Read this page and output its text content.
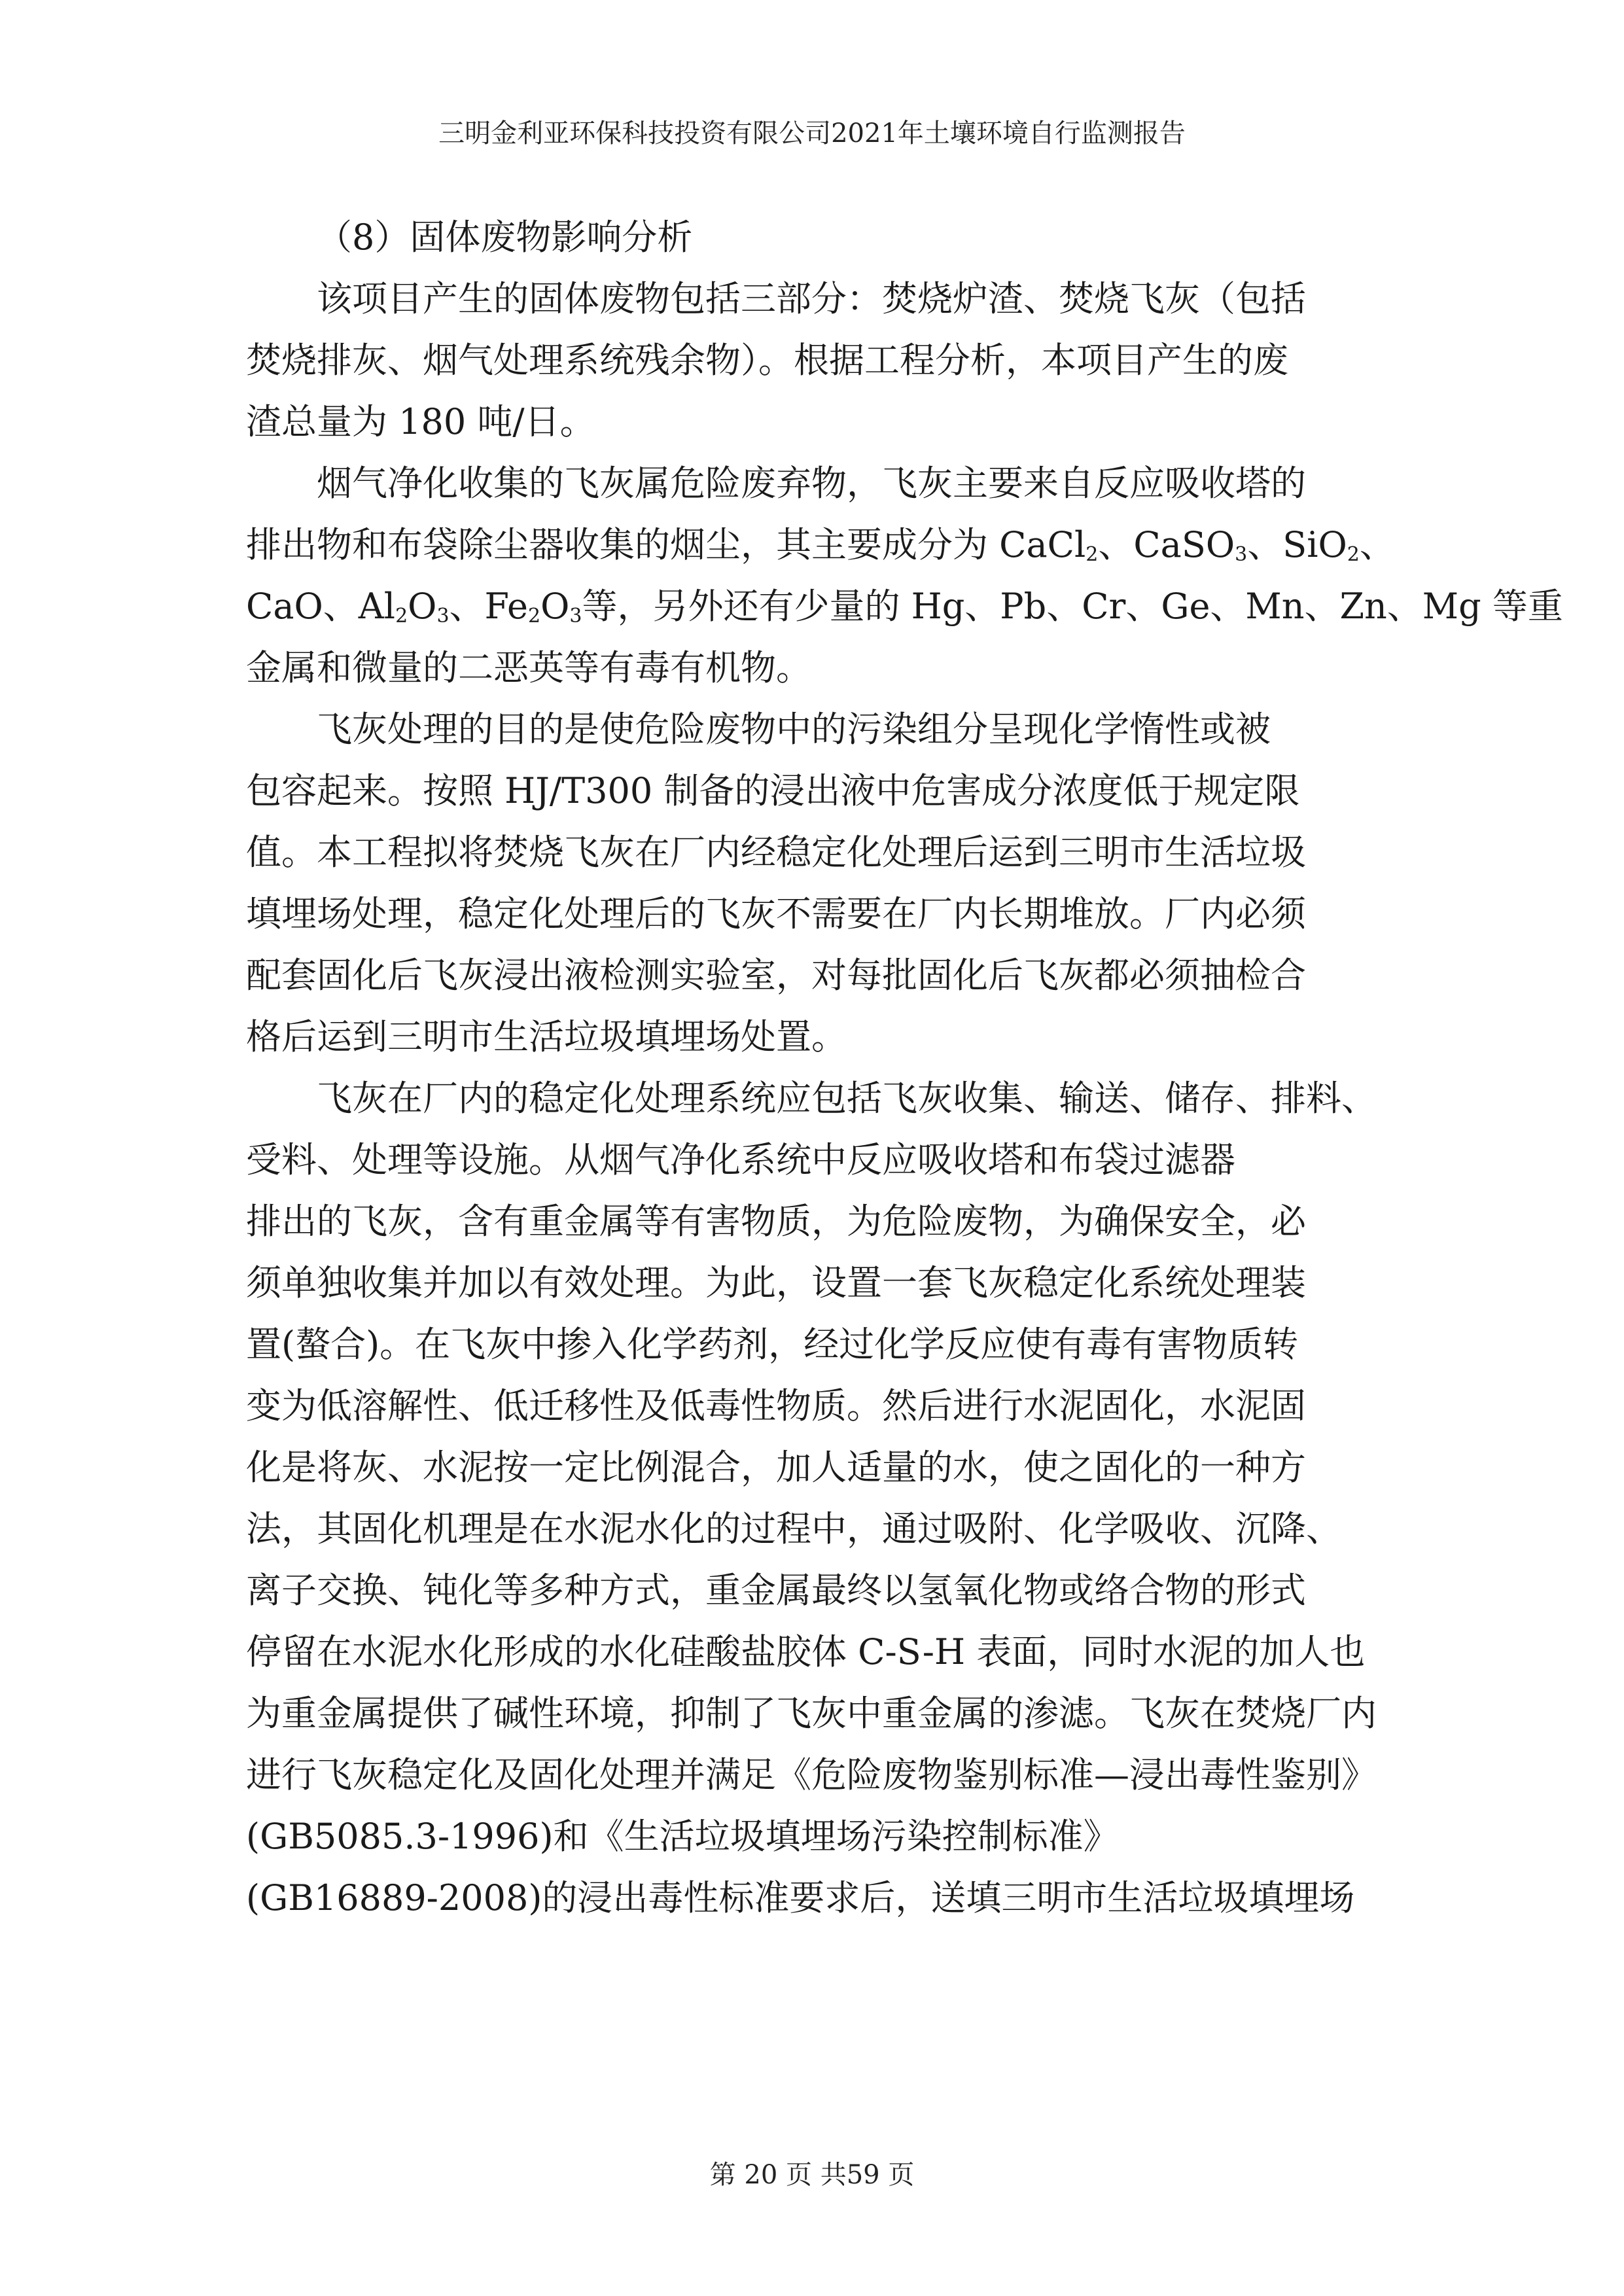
三明金利亚环保科技投资有限公司2021年土壤环境自行监测报告
（8）固体废物影响分析
该项目产生的固体废物包括三部分：焚烧炉渣、焚烧飞灰（包括
焚烧排灰、烟气处理系统残余物）。根据工程分析，本项目产生的废
渣总量为 180 吨/日。
烟气净化收集的飞灰属危险废弃物，飞灰主要来自反应吸收塔的
排出物和布袋除尘器收集的烟尘，其主要成分为 CaCl$_2$、CaSO$_3$、SiO$_2$、
CaO、$Al_2O_3$、$Fe_2O_3$等，另外还有少量的 Hg、Pb、Cr、Ge、Mn、Zn、Mg 等重
金属和微量的二恶英等有毒有机物。
飞灰处理的目的是使危险废物中的污染组分呈现化学惰性或被
包容起来。按照 HJ/T300 制备的浸出液中危害成分浓度低于规定限
值。本工程拟将焚烧飞灰在厂内经稳定化处理后运到三明市生活垃圾
填埋场处理，稳定化处理后的飞灰不需要在厂内长期堆放。厂内必须
配套固化后飞灰浸出液检测实验室，对每批固化后飞灰都必须抽检合
格后运到三明市生活垃圾填埋场处置。
飞灰在厂内的稳定化处理系统应包括飞灰收集、输送、储存、排料、
受料、处理等设施。从烟气净化系统中反应吸收塔和布袋过滤器
排出的飞灰，含有重金属等有害物质，为危险废物，为确保安全，必
须单独收集并加以有效处理。为此，设置一套飞灰稳定化系统处理装
置(螯合)。在飞灰中掺入化学药剂，经过化学反应使有毒有害物质转
变为低溶解性、低迁移性及低毒性物质。然后进行水泥固化，水泥固
化是将灰、水泥按一定比例混合，加人适量的水，使之固化的一种方
法，其固化机理是在水泥水化的过程中，通过吸附、化学吸收、沉降、
离子交换、钝化等多种方式，重金属最终以氢氧化物或络合物的形式
停留在水泥水化形成的水化硅酸盐胶体 C-S-H 表面，同时水泥的加人也
为重金属提供了碱性环境，抑制了飞灰中重金属的渗滤。飞灰在焚烧厂内
进行飞灰稳定化及固化处理并满足《危险废物鉴别标准—浸出毒性鉴别》
(GB5085.3-1996)和《生活垃圾填埋场污染控制标准》
(GB16889-2008)的浸出毒性标准要求后，送填三明市生活垃圾填埋场
第 20 页 共59 页
